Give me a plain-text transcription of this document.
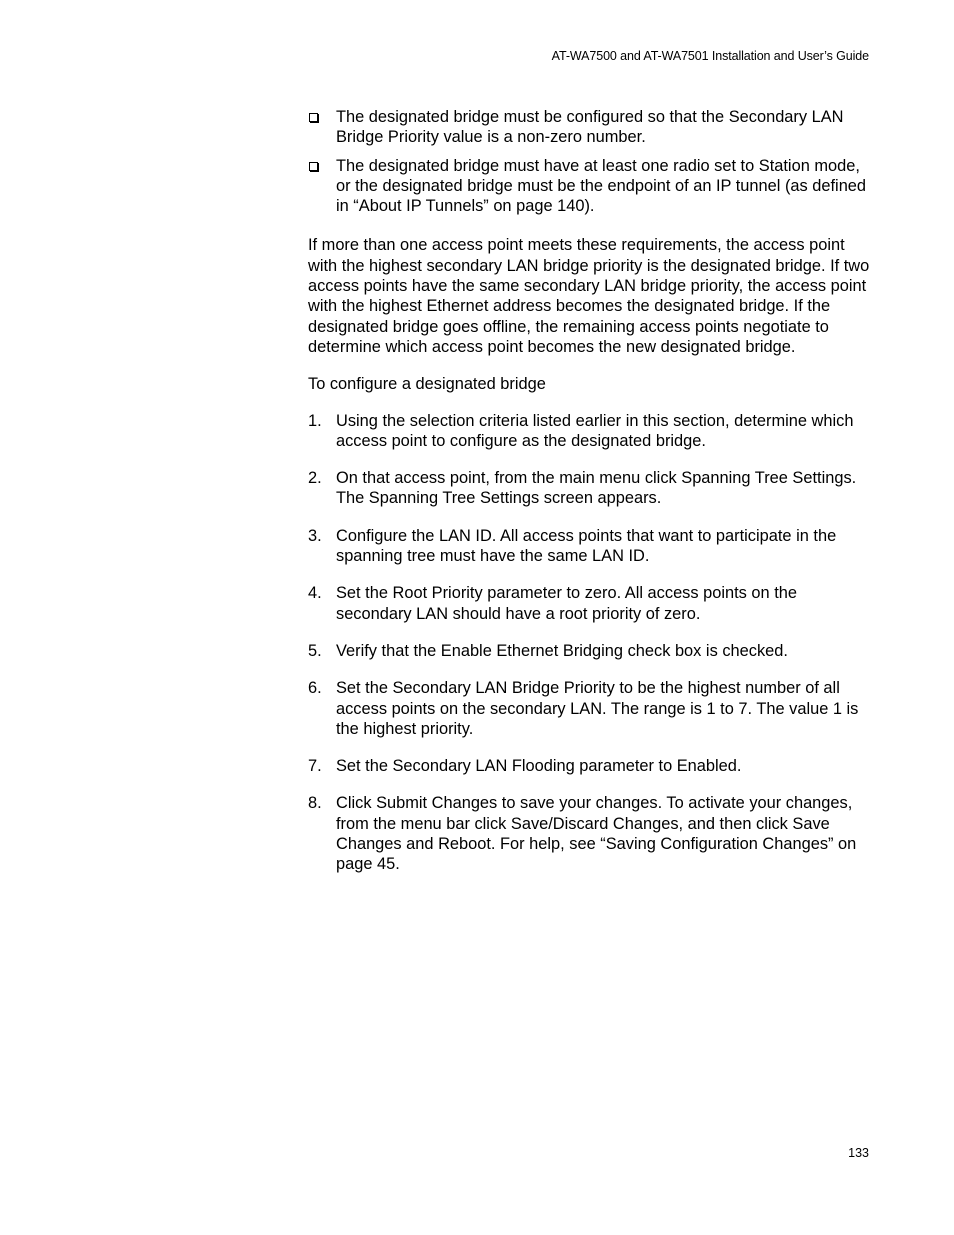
AT-WA7500 and AT-WA7501 Installation and User’s Guide
The designated bridge must be configured so that the Secondary LAN Bridge Priority value is a non-zero number.
The designated bridge must have at least one radio set to Station mode, or the designated bridge must be the endpoint of an IP tunnel (as defined in “About IP Tunnels” on page 140).

If more than one access point meets these requirements, the access point with the highest secondary LAN bridge priority is the designated bridge. If two access points have the same secondary LAN bridge priority, the access point with the highest Ethernet address becomes the designated bridge. If the designated bridge goes offline, the remaining access points negotiate to determine which access point becomes the new designated bridge.

To configure a designated bridge

1. Using the selection criteria listed earlier in this section, determine which access point to configure as the designated bridge.
2. On that access point, from the main menu click Spanning Tree Settings. The Spanning Tree Settings screen appears.
3. Configure the LAN ID. All access points that want to participate in the spanning tree must have the same LAN ID.
4. Set the Root Priority parameter to zero. All access points on the secondary LAN should have a root priority of zero.
5. Verify that the Enable Ethernet Bridging check box is checked.
6. Set the Secondary LAN Bridge Priority to be the highest number of all access points on the secondary LAN. The range is 1 to 7. The value 1 is the highest priority.
7. Set the Secondary LAN Flooding parameter to Enabled.
8. Click Submit Changes to save your changes. To activate your changes, from the menu bar click Save/Discard Changes, and then click Save Changes and Reboot. For help, see “Saving Configuration Changes” on page 45.
133
